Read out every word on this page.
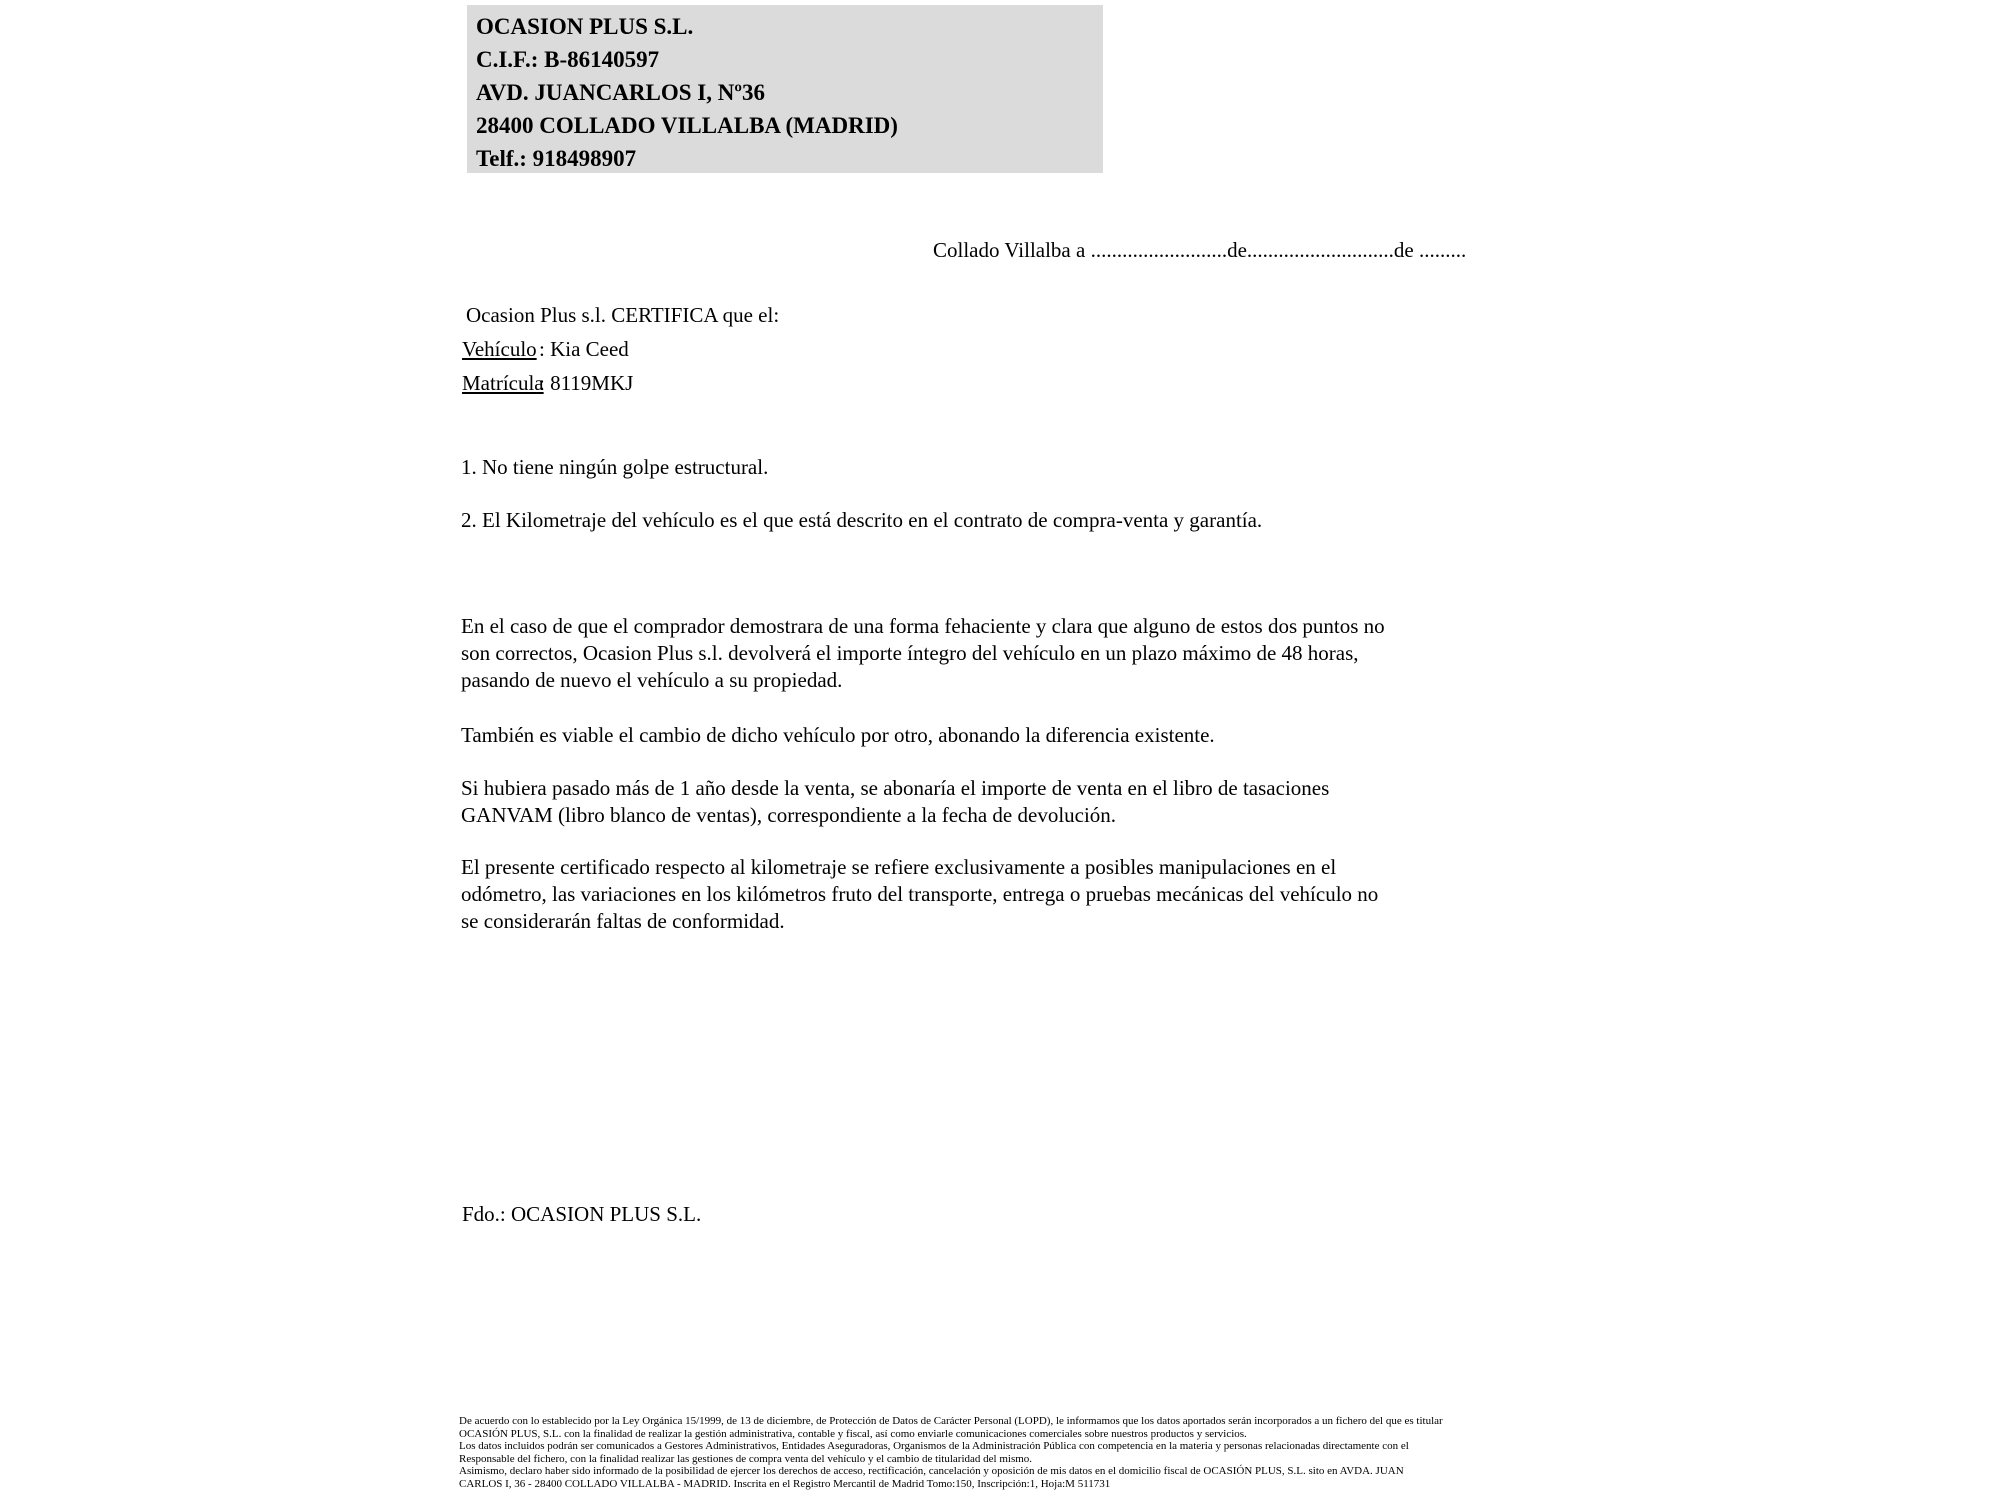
OCASION PLUS S.L.
C.I.F.: B-86140597
AVD. JUANCARLOS I, Nº36
28400 COLLADO VILLALBA (MADRID)
Telf.: 918498907
Collado Villalba a ..........................de............................de .........
Ocasion Plus s.l. CERTIFICA que el:
Vehículo : Kia Ceed
Matrícula: 8119MKJ
1. No tiene ningún golpe estructural.
2. El Kilometraje del vehículo es el que está descrito en el contrato de compra-venta y garantía.
En el caso de que el comprador demostrara de una forma fehaciente y clara que alguno de estos dos puntos no
son correctos, Ocasion Plus s.l. devolverá el importe íntegro del vehículo en un plazo máximo de 48 horas,
pasando de nuevo el vehículo a su propiedad.
También es viable el cambio de dicho vehículo por otro, abonando la diferencia existente.
Si hubiera pasado más de 1 año desde la venta, se abonaría el importe de venta en el libro de tasaciones
GANVAM (libro blanco de ventas), correspondiente a la fecha de devolución.
El presente certificado respecto al kilometraje se refiere exclusivamente a posibles manipulaciones en el
odómetro, las variaciones en los kilómetros fruto del transporte, entrega o pruebas mecánicas del vehículo no
se considerarán faltas de conformidad.
Fdo.: OCASION PLUS S.L.
De acuerdo con lo establecido por la Ley Orgánica 15/1999, de 13 de diciembre, de Protección de Datos de Carácter Personal (LOPD), le informamos que los datos aportados serán incorporados a un fichero del que es titular
OCASIÓN PLUS, S.L. con la finalidad de realizar la gestión administrativa, contable y fiscal, así como enviarle comunicaciones comerciales sobre nuestros productos y servicios.
Los datos incluidos podrán ser comunicados a Gestores Administrativos, Entidades Aseguradoras, Organismos de la Administración Pública con competencia en la materia y personas relacionadas directamente con el
Responsable del fichero, con la finalidad realizar las gestiones de compra venta del vehículo y el cambio de titularidad del mismo.
Asimismo, declaro haber sido informado de la posibilidad de ejercer los derechos de acceso, rectificación, cancelación y oposición de mis datos en el domicilio fiscal de OCASIÓN PLUS, S.L. sito en AVDA. JUAN
CARLOS I, 36 - 28400 COLLADO VILLALBA - MADRID. Inscrita en el Registro Mercantil de Madrid Tomo:150, Inscripción:1, Hoja:M 511731
